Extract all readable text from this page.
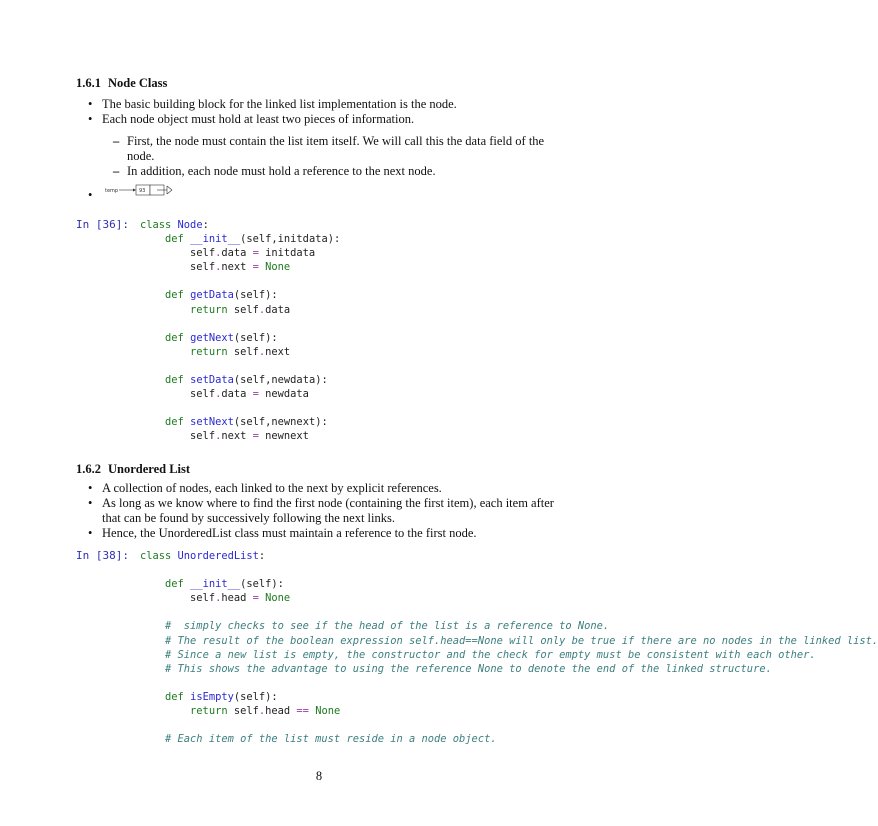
1.6.1 Node Class
• The basic building block for the linked list implementation is the node.
• Each node object must hold at least two pieces of information.
– First, the node must contain the list item itself. We will call this the data field of the node.
– In addition, each node must hold a reference to the next node.
•
temp	93
In [36]: class Node:
def __init__(self,initdata):
self.data = initdata
self.next = None

def getData(self):
return self.data

def getNext(self):
return self.next

def setData(self,newdata):
self.data = newdata

def setNext(self,newnext):
self.next = newnext
1.6.2 Unordered List
• A collection of nodes, each linked to the next by explicit references.
• As long as we know where to find the first node (containing the first item), each item after that can be found by successively following the next links.
• Hence, the UnorderedList class must maintain a reference to the first node.
In [38]: class UnorderedList:

def __init__(self):
self.head = None

#  simply checks to see if the head of the list is a reference to None.
# The result of the boolean expression self.head==None will only be true if there are no nodes in the linked list.
# Since a new list is empty, the constructor and the check for empty must be consistent with each other.
# This shows the advantage to using the reference None to denote the end of the linked structure.

def isEmpty(self):
return self.head == None

# Each item of the list must reside in a node object.
8
